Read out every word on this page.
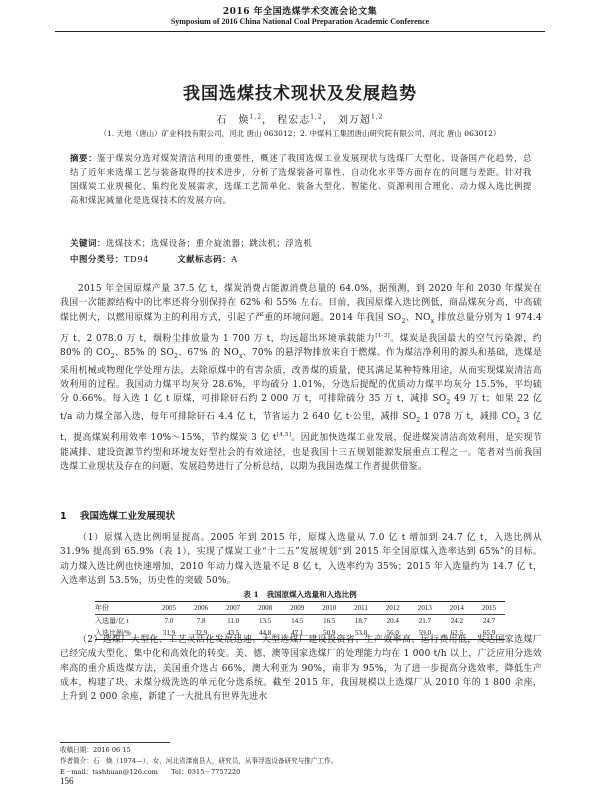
2016 年全国选煤学术交流会论文集
Symposium of 2016 China National Coal Preparation Academic Conference
我国选煤技术现状及发展趋势
石　焕$^{1,2}$， 程宏志$^{1,2}$， 刘万超$^{1,2}$
（1. 天地（唐山）矿业科技有限公司，河北 唐山 063012；2. 中煤科工集团唐山研究院有限公司，河北 唐山 063012）
摘要：鉴于煤炭分选对煤炭清洁利用的重要性，概述了我国选煤工业发展现状与选煤厂大型化、设备国产化趋势，总结了近年来选煤工艺与装备取得的技术进步，分析了选煤装备可靠性、自动化水平等方面存在的问题与差距。针对我国煤炭工业规模化、集约化发展需求，选煤工艺简单化、装备大型化、智能化、资源利用合理化、动力煤入选比例提高和煤泥减量化是选煤技术的发展方向。
关键词：选煤技术；选煤设备；重介旋流器；跳汰机；浮选机
中图分类号：TD94	文献标志码：A
2015 年全国原煤产量 37.5 亿 t，煤炭消费占能源消费总量的 64.0%，据预测，到 2020 年和 2030 年煤炭在我国一次能源结构中的比率还将分别保持在 62% 和 55% 左右。目前，我国原煤入选比例低，商品煤灰分高，中高硫煤比例大，以燃用原煤为主的利用方式，引起了严重的环境问题。2014 年我国 $SO_2$、$NO_x$ 排放总量分别为 1 974.4 万 t、2 078.0 万 t，烟粉尘排放量为 1 700 万 t，均远超出环境承载能力[1-3]。煤炭是我国最大的空气污染源，约 80% 的 $CO_2$、85% 的 $SO_2$、67% 的 $NO_x$、70% 的悬浮物排放来自于燃煤。作为煤洁净利用的源头和基础，选煤是采用机械或物理化学处理方法，去除原煤中的有害杂质，改善煤的质量，使其满足某种特殊用途，从而实现煤炭清洁高效利用的过程。我国动力煤平均灰分 28.6%，平均硫分 1.01%，分选后提配的优质动力煤平均灰分 15.5%，平均硫分 0.66%。每入选 1 亿 t 原煤，可排除矸石约 2 000 万 t，可排除硫分 35 万 t，减排 $SO_2$ 49 万 t；如果 22 亿 t/a 动力煤全部入选，每年可排除矸石 4.4 亿 t，节省运力 2 640 亿 t·公里，减排 $SO_2$ 1 078 万 t，减排 $CO_2$ 3 亿 t，提高煤炭利用效率 10%～15%，节约煤炭 3 亿 t[4,5]。因此加快选煤工业发展，促进煤炭清洁高效利用，是实现节能减排、建设资源节约型和环境友好型社会的有效途径，也是我国十三五规划能源发展重点工程之一。笔者对当前我国选煤工业现状及存在的问题、发展趋势进行了分析总结，以期为我国选煤工作者提供借鉴。
1 我国选煤工业发展现状
（1）原煤入选比例明显提高。2005 年到 2015 年，原煤入选量从 7.0 亿 t 增加到 24.7 亿 t，入选比例从 31.9% 提高到 65.9%（表 1），实现了煤炭工业“十二五”发展规划“到 2015 年全国原煤入选率达到 65%”的目标。动力煤入选比例也快速增加，2010 年动力煤入选量不足 8 亿 t，入选率约为 35%；2015 年入选量约为 14.7 亿 t，入选率达到 53.5%，历史性的突破 50%。
表 1 我国原煤入选量和入选比例
年份	2005	2006	2007	2008	2009	2010	2011	2012	2013	2014	2015
入选量/亿 t	7.0	7.8	11.0	13.5	14.5	16.5	18.7	20.4	21.7	24.2	24.7
入选比例/%	31.9	32.9	43.5	44.8	47.1	50.9	53.0	56.0	59.0	62.5	65.9
（2）选煤厂大型化、工艺灵活化发展迅速。大型选煤厂建设投资省、生产效率高、运行费用低，发达国家选煤厂已经完成大型化、集中化和高效化的转变。美、德、澳等国家选煤厂的处理能力均在 1 000 t/h 以上，广泛应用分选效率高的重介质选煤方法，美国重介选占 66%，澳大利亚为 90%，南非为 95%，为了进一步提高分选效率，降低生产成本，构建了块、末煤分级洗选的单元化分选系统。截至 2015 年，我国规模以上选煤厂从 2010 年的 1 800 余座，上升到 2 000 余座，新建了一大批具有世界先进水
收稿日期：2016 06 15
作者简介：石　焕（1974—），女，河北省滦南县人，研究员，从事浮选设备研究与推广工作。
E－mail：tsshhuan@126.com　　Tel：0315－7757220
156
